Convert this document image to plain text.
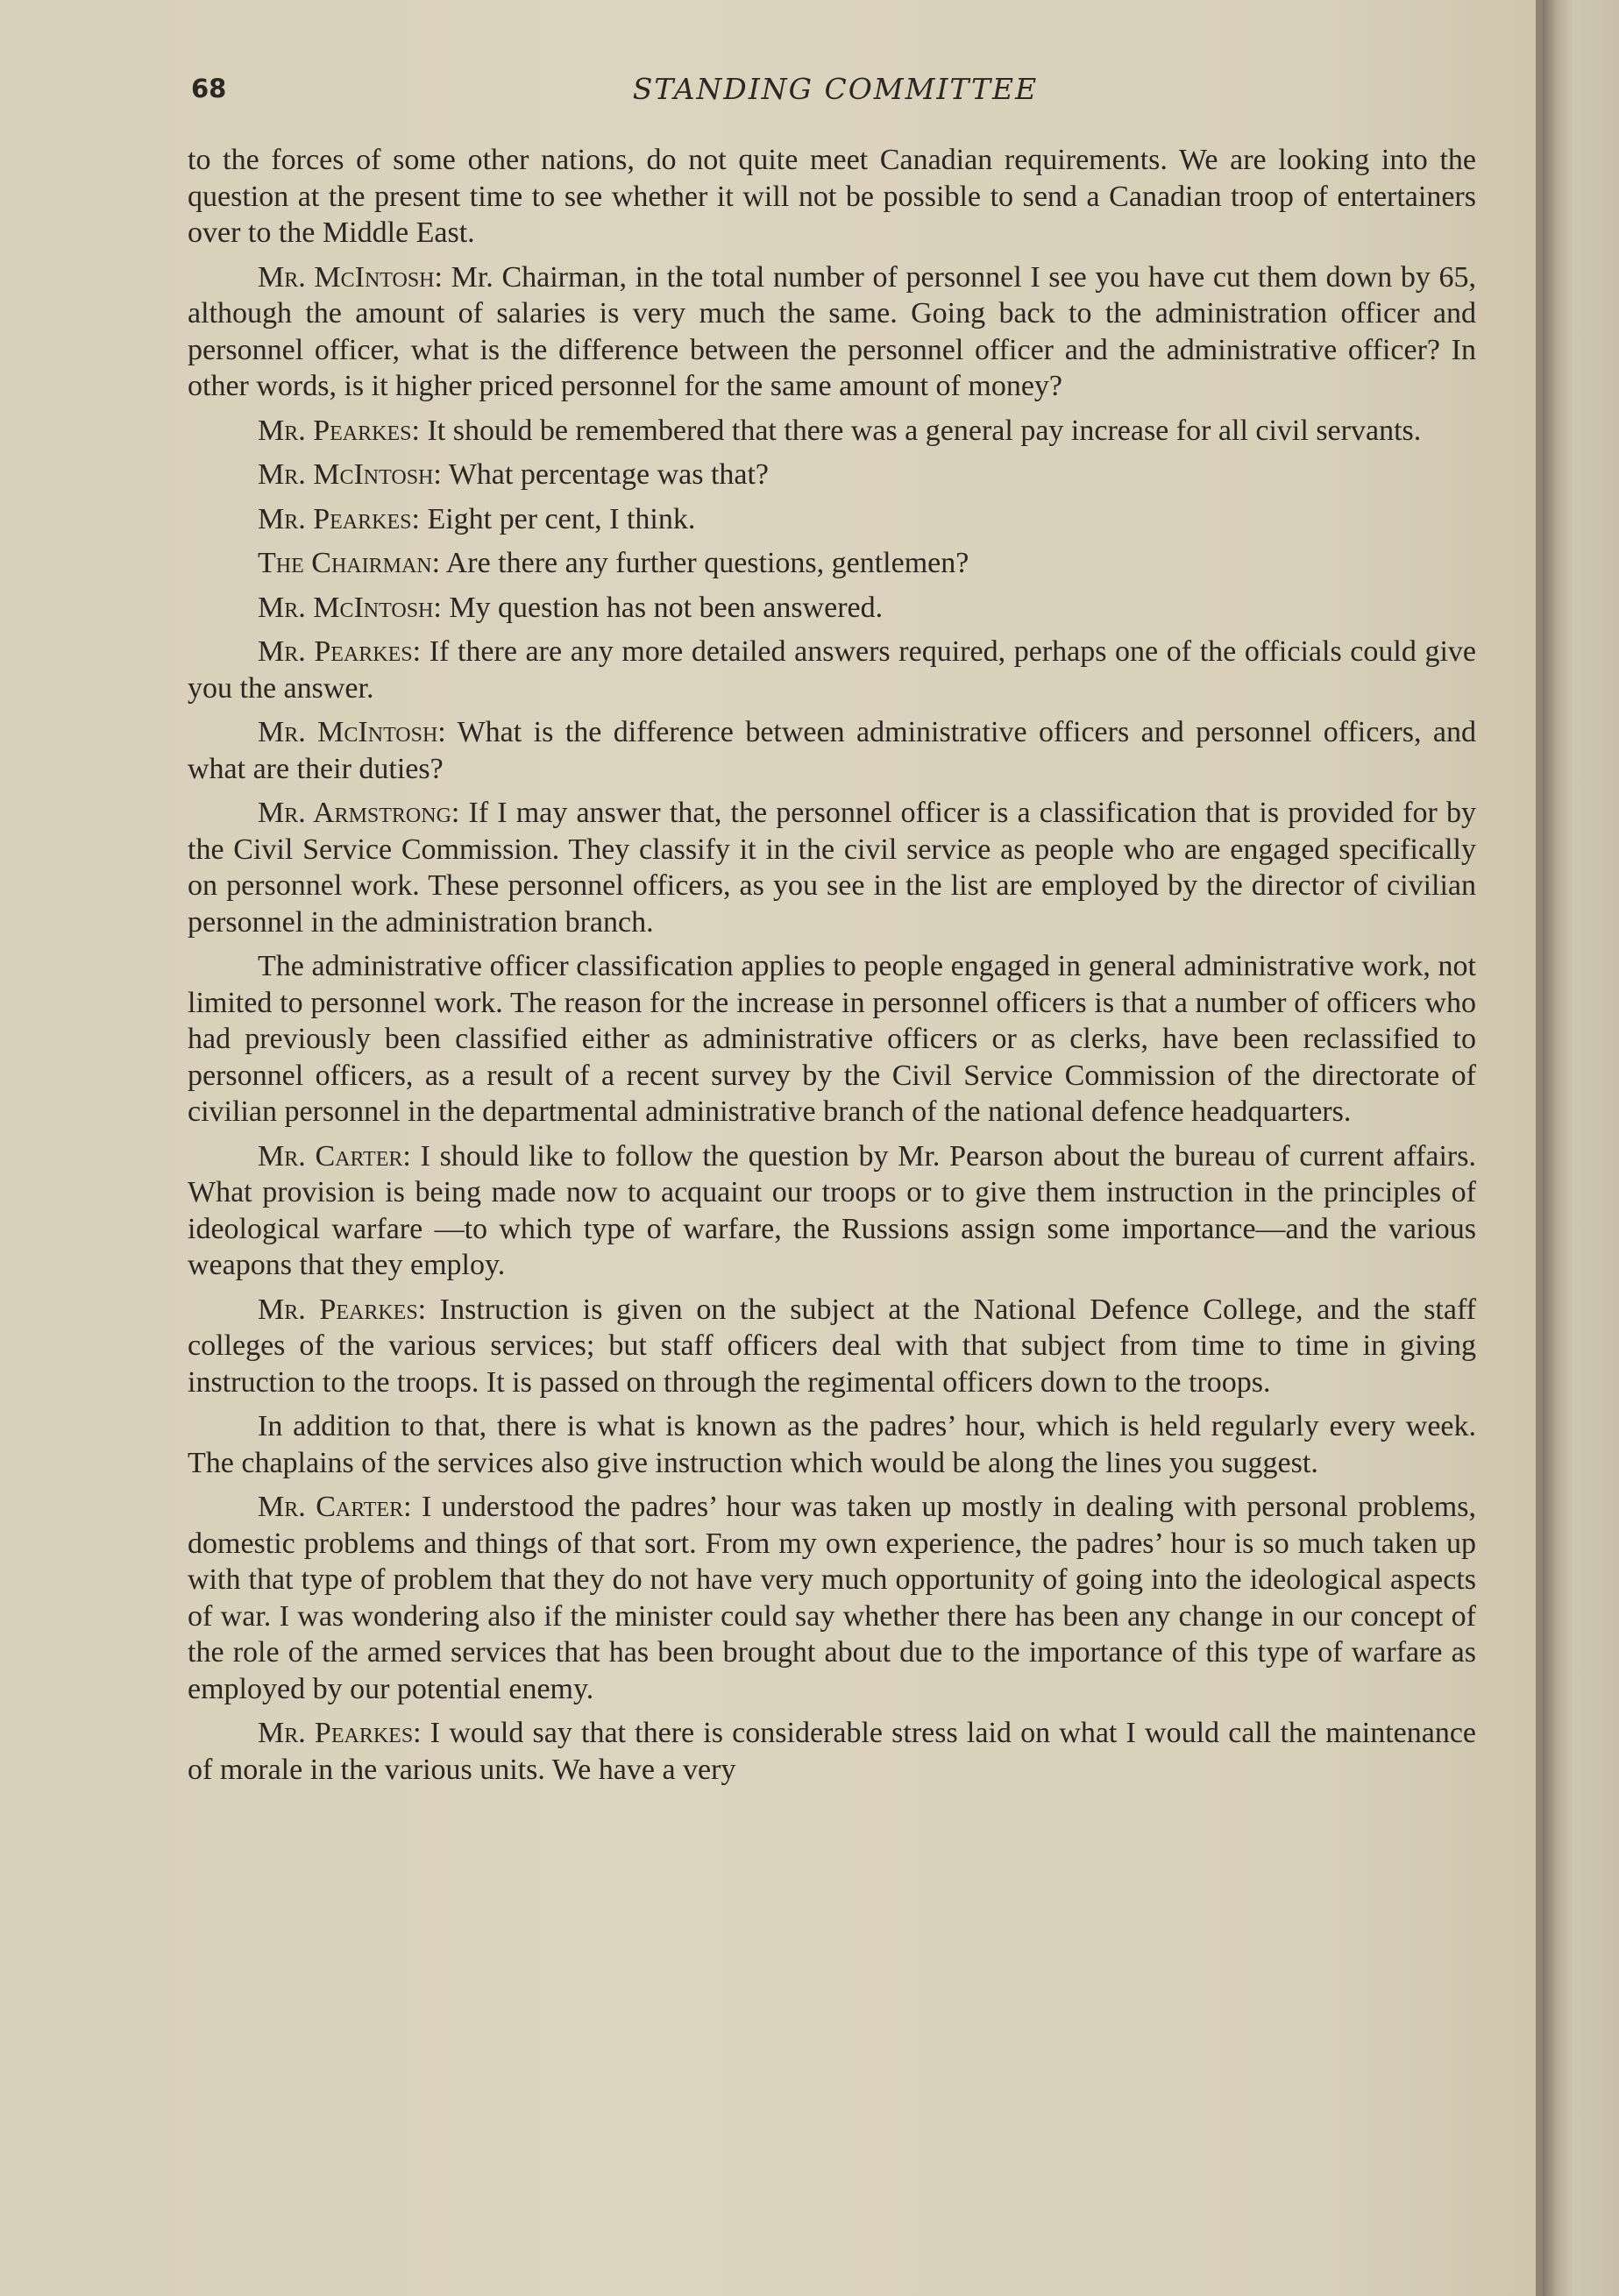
68	STANDING COMMITTEE

to the forces of some other nations, do not quite meet Canadian requirements. We are looking into the question at the present time to see whether it will not be possible to send a Canadian troop of entertainers over to the Middle East.

Mr. McIntosh: Mr. Chairman, in the total number of personnel I see you have cut them down by 65, although the amount of salaries is very much the same. Going back to the administration officer and personnel officer, what is the difference between the personnel officer and the administrative officer? In other words, is it higher priced personnel for the same amount of money?

Mr. Pearkes: It should be remembered that there was a general pay increase for all civil servants.

Mr. McIntosh: What percentage was that?

Mr. Pearkes: Eight per cent, I think.

The Chairman: Are there any further questions, gentlemen?

Mr. McIntosh: My question has not been answered.

Mr. Pearkes: If there are any more detailed answers required, perhaps one of the officials could give you the answer.

Mr. McIntosh: What is the difference between administrative officers and personnel officers, and what are their duties?

Mr. Armstrong: If I may answer that, the personnel officer is a classification that is provided for by the Civil Service Commission. They classify it in the civil service as people who are engaged specifically on personnel work. These personnel officers, as you see in the list are employed by the director of civilian personnel in the administration branch.

The administrative officer classification applies to people engaged in general administrative work, not limited to personnel work. The reason for the increase in personnel officers is that a number of officers who had previously been classified either as administrative officers or as clerks, have been reclassified to personnel officers, as a result of a recent survey by the Civil Service Commission of the directorate of civilian personnel in the departmental administrative branch of the national defence headquarters.

Mr. Carter: I should like to follow the question by Mr. Pearson about the bureau of current affairs. What provision is being made now to acquaint our troops or to give them instruction in the principles of ideological warfare —to which type of warfare, the Russions assign some importance—and the various weapons that they employ.

Mr. Pearkes: Instruction is given on the subject at the National Defence College, and the staff colleges of the various services; but staff officers deal with that subject from time to time in giving instruction to the troops. It is passed on through the regimental officers down to the troops.

In addition to that, there is what is known as the padres’ hour, which is held regularly every week. The chaplains of the services also give instruction which would be along the lines you suggest.

Mr. Carter: I understood the padres’ hour was taken up mostly in dealing with personal problems, domestic problems and things of that sort. From my own experience, the padres’ hour is so much taken up with that type of problem that they do not have very much opportunity of going into the ideological aspects of war. I was wondering also if the minister could say whether there has been any change in our concept of the role of the armed services that has been brought about due to the importance of this type of warfare as employed by our potential enemy.

Mr. Pearkes: I would say that there is considerable stress laid on what I would call the maintenance of morale in the various units. We have a very
